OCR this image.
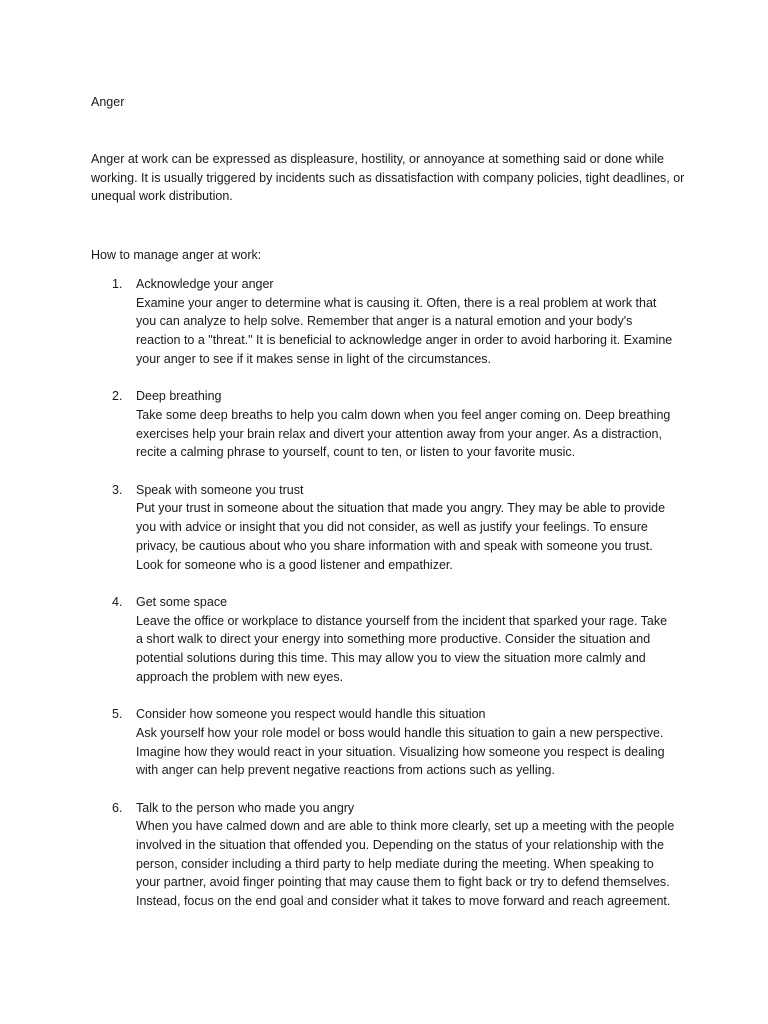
Anger
Anger at work can be expressed as displeasure, hostility, or annoyance at something said or done while working. It is usually triggered by incidents such as dissatisfaction with company policies, tight deadlines, or unequal work distribution.
How to manage anger at work:
1. Acknowledge your anger
Examine your anger to determine what is causing it. Often, there is a real problem at work that you can analyze to help solve. Remember that anger is a natural emotion and your body's reaction to a "threat." It is beneficial to acknowledge anger in order to avoid harboring it. Examine your anger to see if it makes sense in light of the circumstances.
2. Deep breathing
Take some deep breaths to help you calm down when you feel anger coming on. Deep breathing exercises help your brain relax and divert your attention away from your anger. As a distraction, recite a calming phrase to yourself, count to ten, or listen to your favorite music.
3. Speak with someone you trust
Put your trust in someone about the situation that made you angry. They may be able to provide you with advice or insight that you did not consider, as well as justify your feelings. To ensure privacy, be cautious about who you share information with and speak with someone you trust. Look for someone who is a good listener and empathizer.
4. Get some space
Leave the office or workplace to distance yourself from the incident that sparked your rage. Take a short walk to direct your energy into something more productive. Consider the situation and potential solutions during this time. This may allow you to view the situation more calmly and approach the problem with new eyes.
5. Consider how someone you respect would handle this situation
Ask yourself how your role model or boss would handle this situation to gain a new perspective. Imagine how they would react in your situation. Visualizing how someone you respect is dealing with anger can help prevent negative reactions from actions such as yelling.
6. Talk to the person who made you angry
When you have calmed down and are able to think more clearly, set up a meeting with the people involved in the situation that offended you. Depending on the status of your relationship with the person, consider including a third party to help mediate during the meeting. When speaking to your partner, avoid finger pointing that may cause them to fight back or try to defend themselves. Instead, focus on the end goal and consider what it takes to move forward and reach agreement.
